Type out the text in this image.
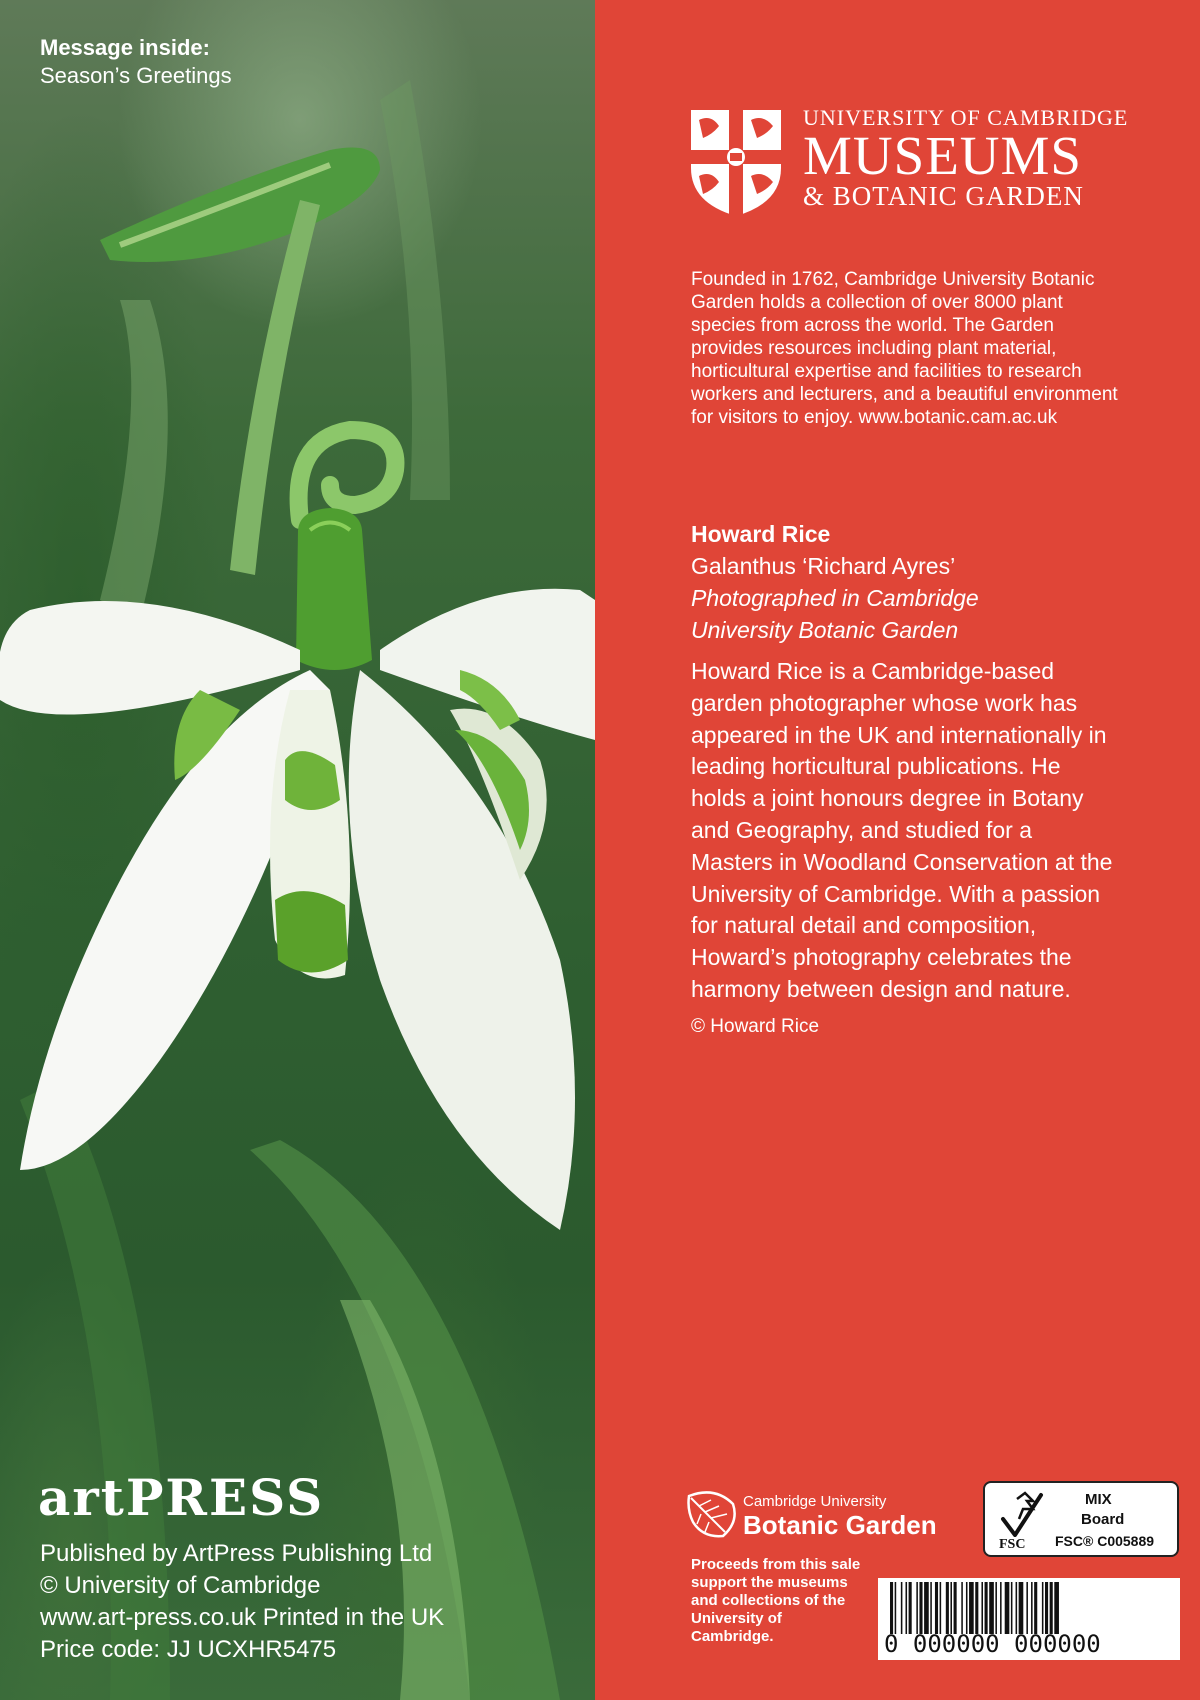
Message inside:
Season’s Greetings
artPRESS
Published by ArtPress Publishing Ltd
© University of Cambridge
www.art-press.co.uk Printed in the UK
Price code: JJ UCXHR5475
UNIVERSITY OF CAMBRIDGE
MUSEUMS
& BOTANIC GARDEN
Founded in 1762, Cambridge University Botanic Garden holds a collection of over 8000 plant species from across the world. The Garden provides resources including plant material, horticultural expertise and facilities to research workers and lecturers, and a beautiful environment for visitors to enjoy. www.botanic.cam.ac.uk
Howard Rice
Galanthus ‘Richard Ayres’
Photographed in Cambridge University Botanic Garden
Howard Rice is a Cambridge-based garden photographer whose work has appeared in the UK and internationally in leading horticultural publications. He holds a joint honours degree in Botany and Geography, and studied for a Masters in Woodland Conservation at the University of Cambridge. With a passion for natural detail and composition, Howard’s photography celebrates the harmony between design and nature.
© Howard Rice
Cambridge University
Botanic Garden
Proceeds from this sale support the museums and collections of the University of Cambridge.
FSC
MIX
Board
FSC® C005889
0 000000 000000
